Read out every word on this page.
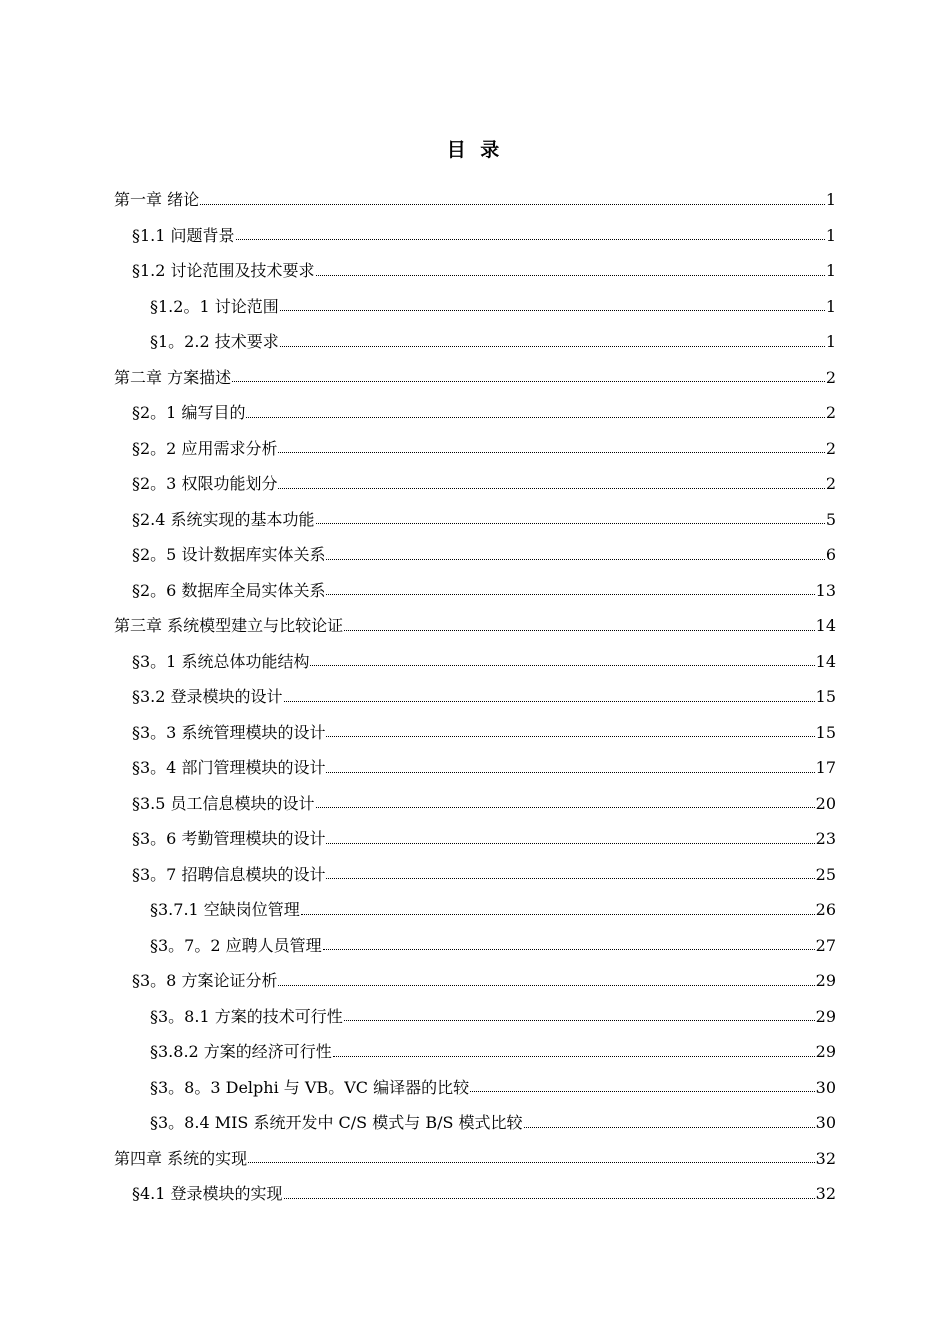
目 录
第一章 绪论	1
§1.1 问题背景	1
§1.2 讨论范围及技术要求	1
§1.2。1 讨论范围	1
§1。2.2 技术要求	1
第二章 方案描述	2
§2。1 编写目的	2
§2。2 应用需求分析	2
§2。3 权限功能划分	2
§2.4 系统实现的基本功能	5
§2。5 设计数据库实体关系	6
§2。6 数据库全局实体关系	13
第三章 系统模型建立与比较论证	14
§3。1 系统总体功能结构	14
§3.2 登录模块的设计	15
§3。3 系统管理模块的设计	15
§3。4 部门管理模块的设计	17
§3.5 员工信息模块的设计	20
§3。6 考勤管理模块的设计	23
§3。7 招聘信息模块的设计	25
§3.7.1 空缺岗位管理	26
§3。7。2 应聘人员管理	27
§3。8 方案论证分析	29
§3。8.1 方案的技术可行性	29
§3.8.2 方案的经济可行性	29
§3。8。3 Delphi 与 VB。VC 编译器的比较	30
§3。8.4 MIS 系统开发中 C/S 模式与 B/S 模式比较	30
第四章 系统的实现	32
§4.1 登录模块的实现	32
